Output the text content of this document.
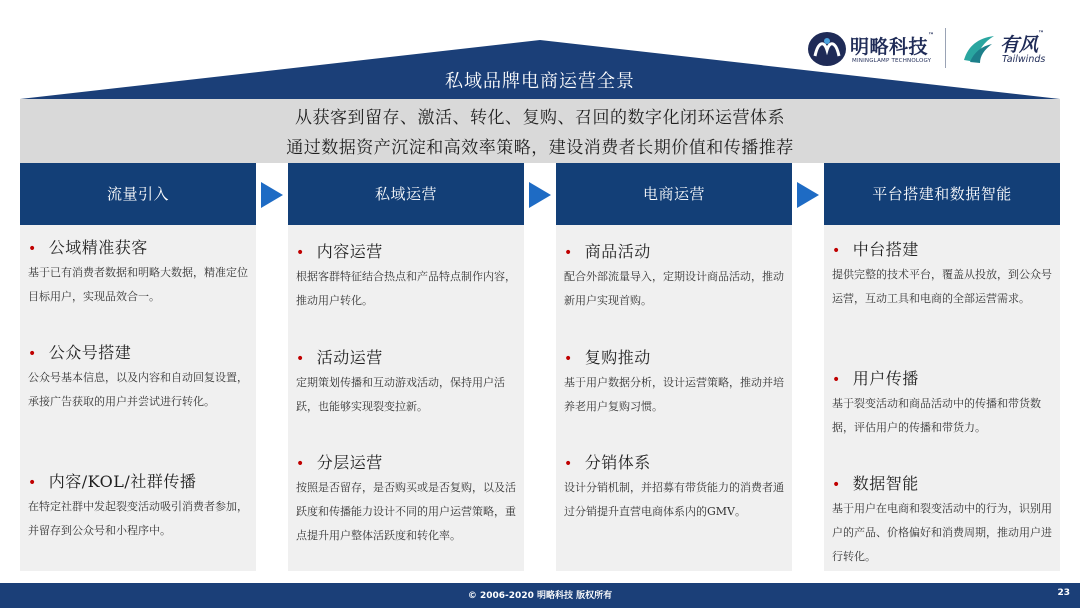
私域品牌电商运营全景
明略科技™
MININGLAMP TECHNOLOGY
有风™
Tailwinds
从获客到留存、激活、转化、复购、召回的数字化闭环运营体系
通过数据资产沉淀和高效率策略，建设消费者长期价值和传播推荐
流量引入
• 公域精准获客
基于已有消费者数据和明略大数据，精准定位目标用户，实现品效合一。
• 公众号搭建
公众号基本信息，以及内容和自动回复设置，承接广告获取的用户并尝试进行转化。
• 内容/KOL/社群传播
在特定社群中发起裂变活动吸引消费者参加，并留存到公众号和小程序中。
私域运营
• 内容运营
根据客群特征结合热点和产品特点制作内容，推动用户转化。
• 活动运营
定期策划传播和互动游戏活动，保持用户活跃，也能够实现裂变拉新。
• 分层运营
按照是否留存，是否购买或是否复购，以及活跃度和传播能力设计不同的用户运营策略，重点提升用户整体活跃度和转化率。
电商运营
• 商品活动
配合外部流量导入，定期设计商品活动，推动新用户实现首购。
• 复购推动
基于用户数据分析，设计运营策略，推动并培养老用户复购习惯。
• 分销体系
设计分销机制，并招募有带货能力的消费者通过分销提升直营电商体系内的GMV。
平台搭建和数据智能
• 中台搭建
提供完整的技术平台，覆盖从投放，到公众号运营，互动工具和电商的全部运营需求。
• 用户传播
基于裂变活动和商品活动中的传播和带货数据，评估用户的传播和带货力。
• 数据智能
基于用户在电商和裂变活动中的行为，识别用户的产品、价格偏好和消费周期，推动用户进行转化。
© 2006-2020 明略科技 版权所有	23
